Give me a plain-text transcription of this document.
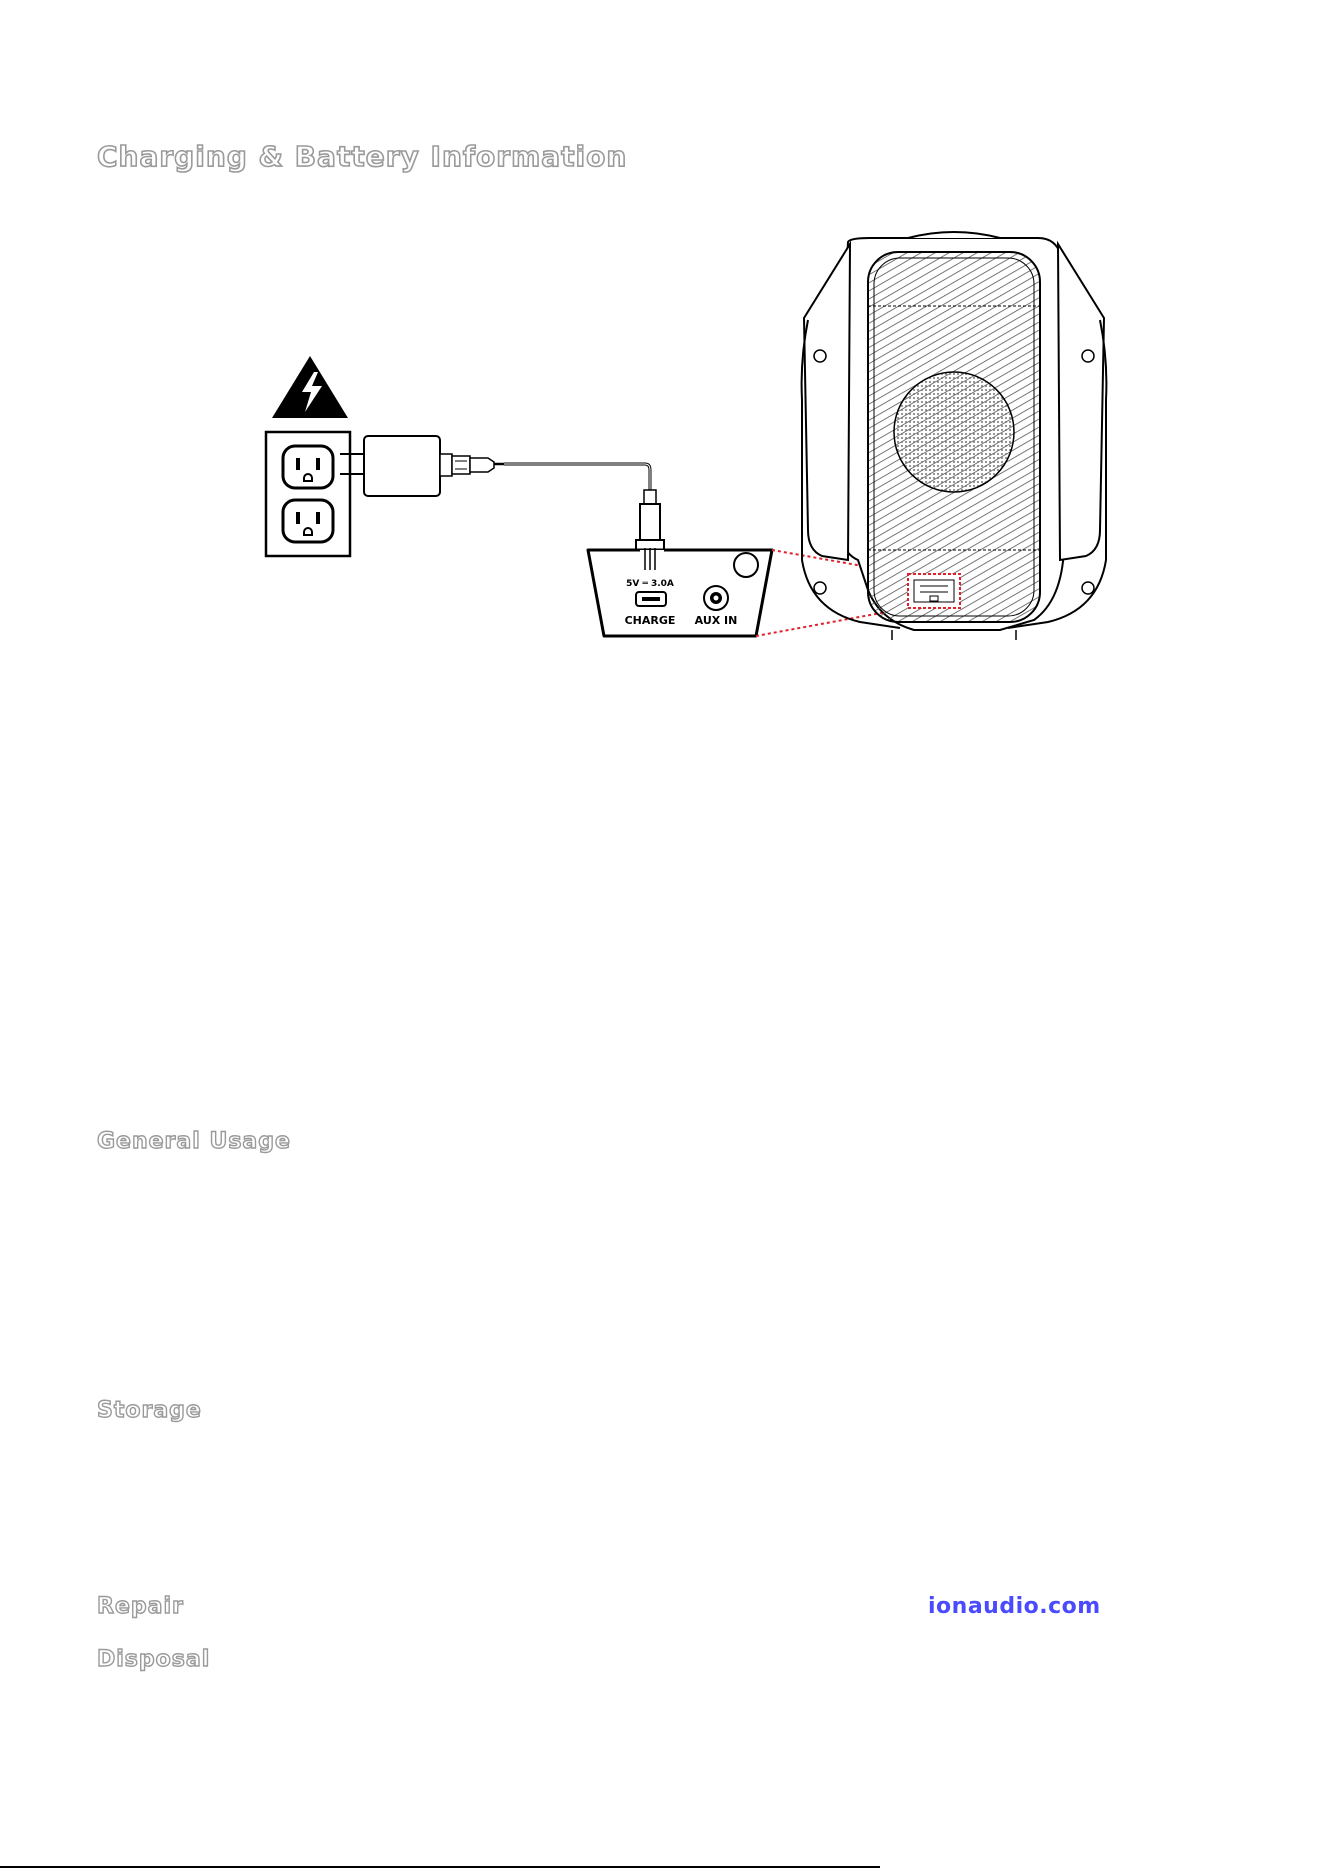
Charging & Battery Information
5V ═ 3.0A
CHARGE AUX IN
General Usage
Storage
Repair	ionaudio.com
Disposal
